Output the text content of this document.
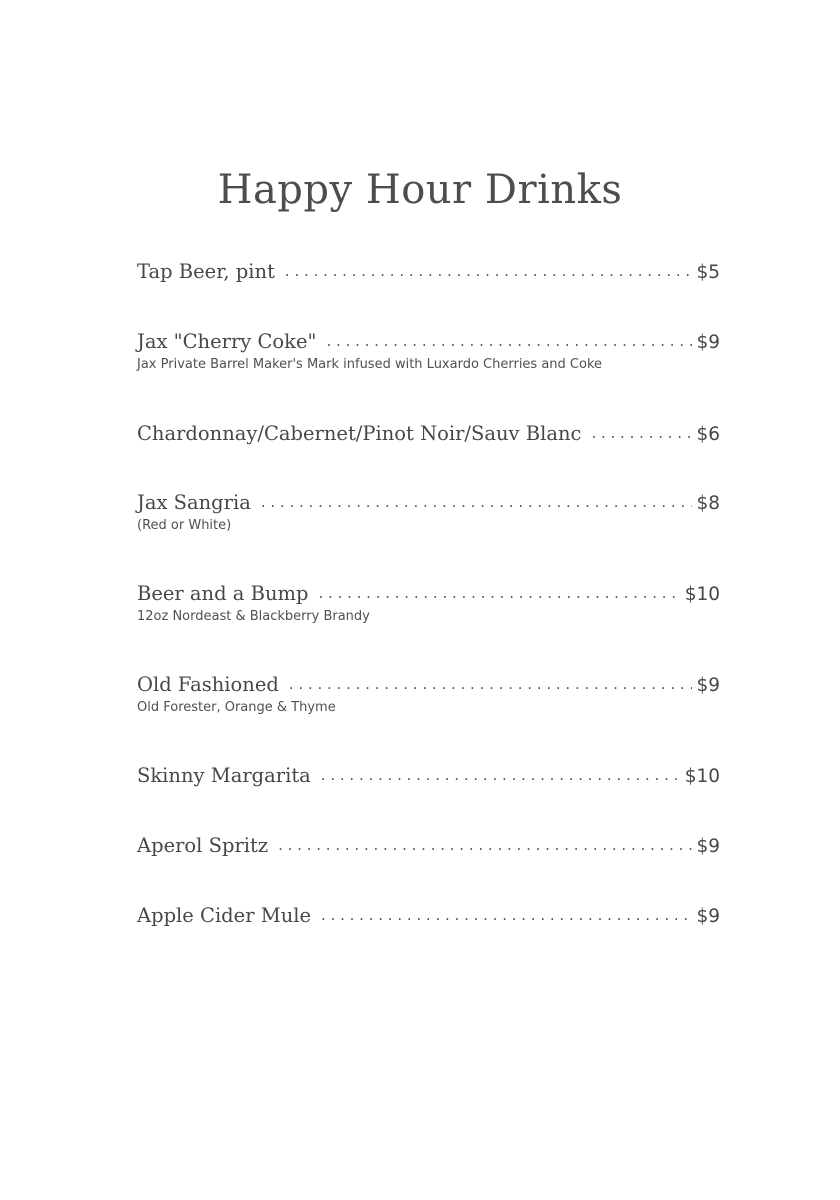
Happy Hour Drinks
Tap Beer, pint . . .	$5
Jax "Cherry Coke" . . .	$9
Jax Private Barrel Maker's Mark infused with Luxardo Cherries and Coke
Chardonnay/Cabernet/Pinot Noir/Sauv Blanc . . .	$6
Jax Sangria . . .	$8
(Red or White)
Beer and a Bump . . .	$10
12oz Nordeast & Blackberry Brandy
Old Fashioned . . .	$9
Old Forester, Orange & Thyme
Skinny Margarita . . .	$10
Aperol Spritz . . .	$9
Apple Cider Mule . . .	$9
